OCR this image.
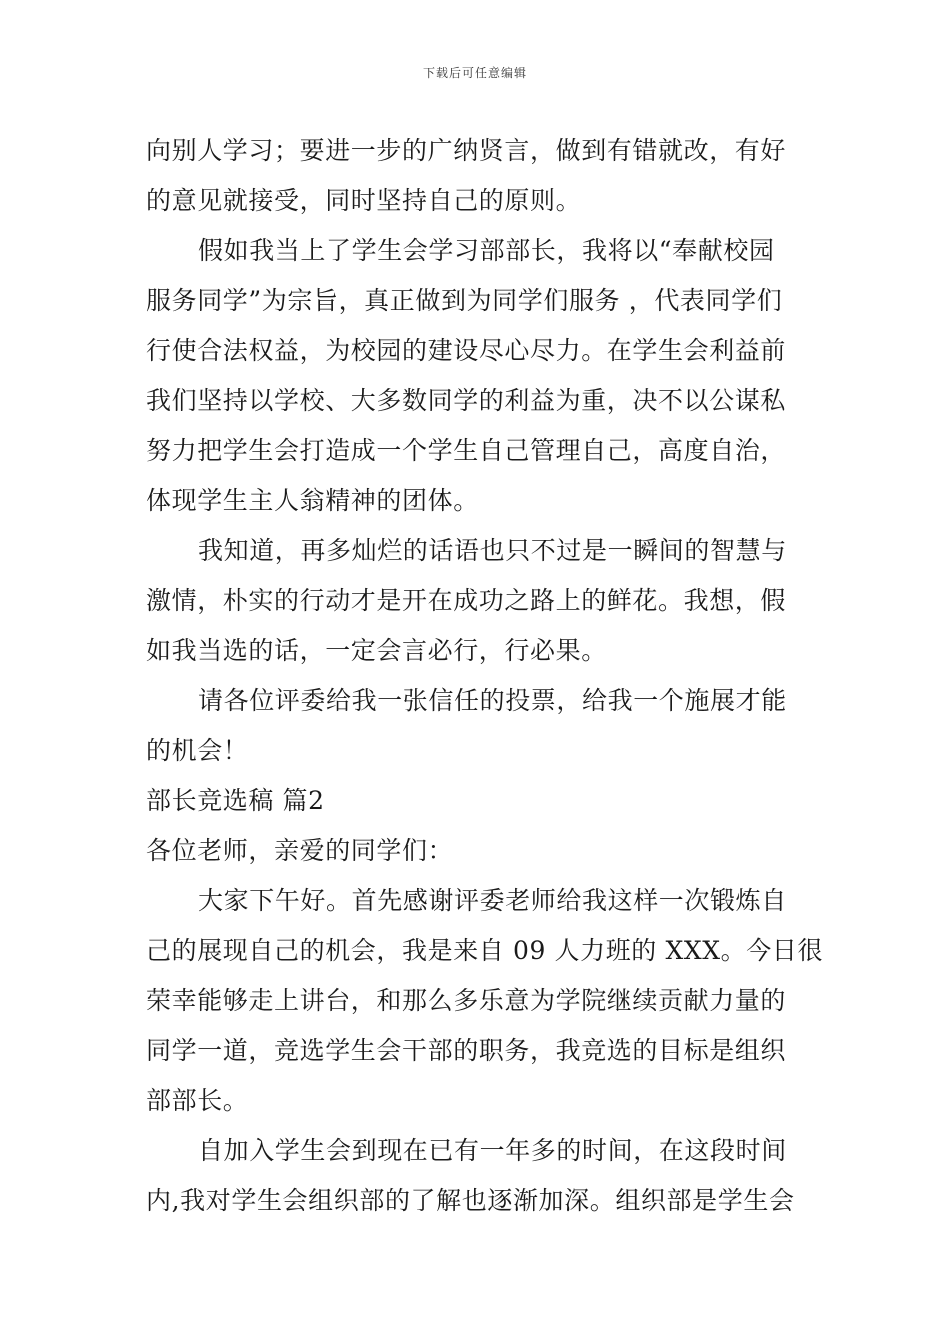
下载后可任意编辑
向别人学习；要进一步的广纳贤言，做到有错就改，有好
的意见就接受，同时坚持自己的原则。
假如我当上了学生会学习部部长，我将以“奉献校园
服务同学”为宗旨，真正做到为同学们服务 ，代表同学们
行使合法权益，为校园的建设尽心尽力。在学生会利益前
我们坚持以学校、大多数同学的利益为重，决不以公谋私
努力把学生会打造成一个学生自己管理自己，高度自治，
体现学生主人翁精神的团体。
我知道，再多灿烂的话语也只不过是一瞬间的智慧与
激情，朴实的行动才是开在成功之路上的鲜花。我想，假
如我当选的话，一定会言必行，行必果。
请各位评委给我一张信任的投票，给我一个施展才能
的机会！
部长竞选稿 篇2
各位老师，亲爱的同学们：
大家下午好。首先感谢评委老师给我这样一次锻炼自
己的展现自己的机会，我是来自 09 人力班的 XXX。今日很
荣幸能够走上讲台，和那么多乐意为学院继续贡献力量的
同学一道，竞选学生会干部的职务，我竞选的目标是组织
部部长。
自加入学生会到现在已有一年多的时间，在这段时间
内,我对学生会组织部的了解也逐渐加深。组织部是学生会
